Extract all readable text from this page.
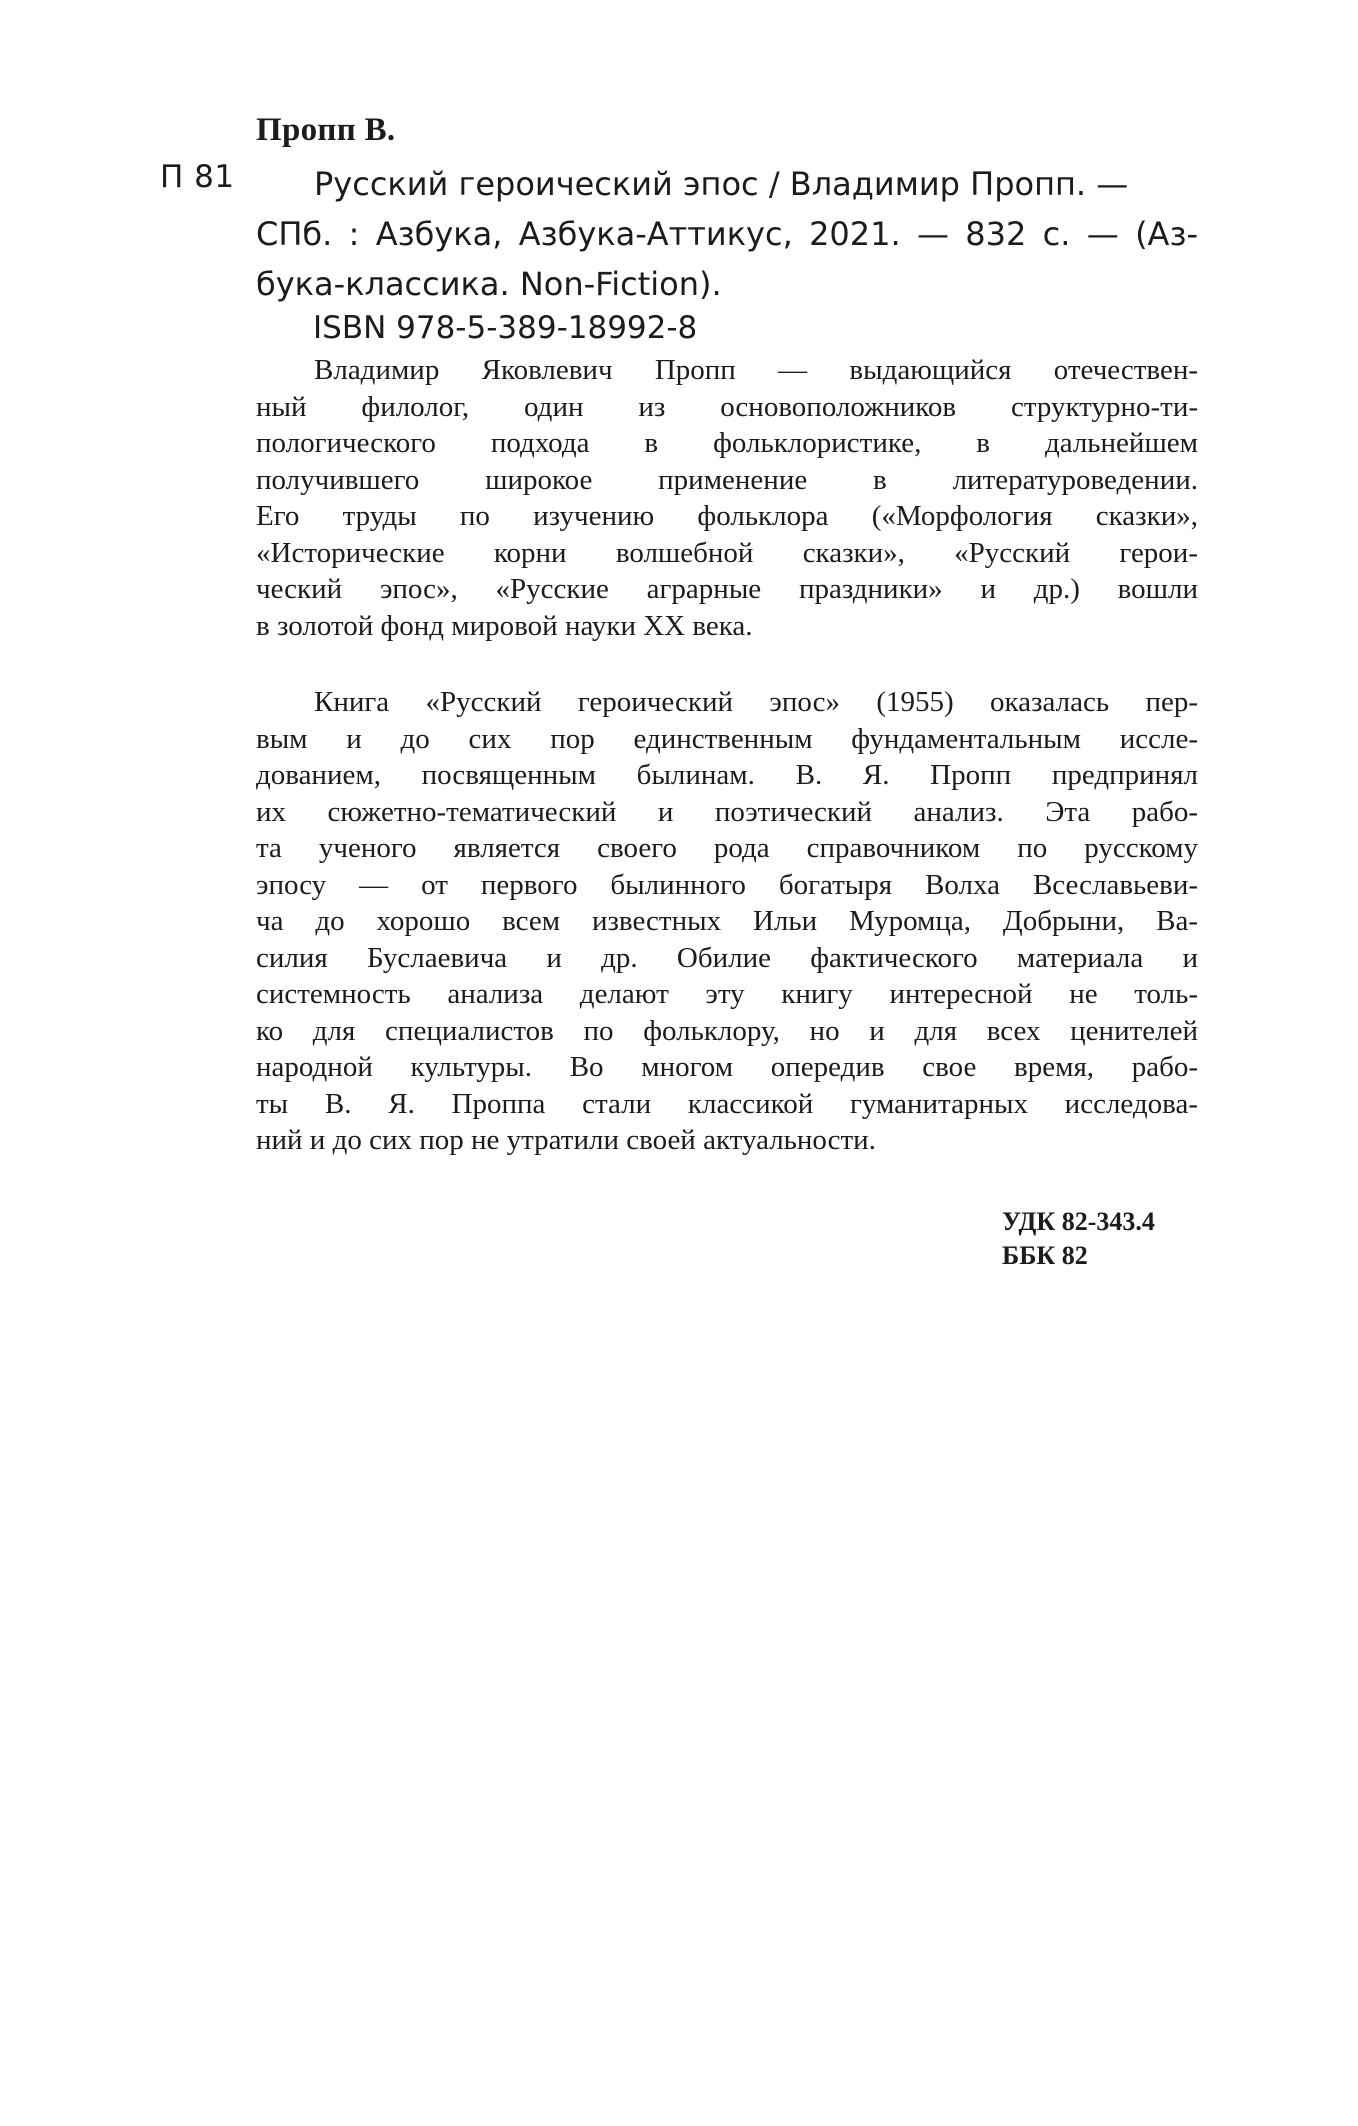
Пропп В.
П 81	Русский героический эпос / Владимир Пропп. —
СПб. : Азбука, Азбука-Аттикус, 2021. — 832 с. — (Аз-
бука-классика. Non-Fiction).
ISBN 978-5-389-18992-8
Владимир Яковлевич Пропп — выдающийся отечествен-
ный филолог, один из основоположников структурно-ти-
пологического подхода в фольклористике, в дальнейшем
получившего широкое применение в литературоведении.
Его труды по изучению фольклора («Морфология сказки»,
«Исторические корни волшебной сказки», «Русский герои-
ческий эпос», «Русские аграрные праздники» и др.) вошли
в золотой фонд мировой науки XX века.
Книга «Русский героический эпос» (1955) оказалась пер-
вым и до сих пор единственным фундаментальным иссле-
дованием, посвященным былинам. В. Я. Пропп предпринял
их сюжетно-тематический и поэтический анализ. Эта рабо-
та ученого является своего рода справочником по русскому
эпосу — от первого былинного богатыря Волха Всеславьеви-
ча до хорошо всем известных Ильи Муромца, Добрыни, Ва-
силия Буслаевича и др. Обилие фактического материала и
системность анализа делают эту книгу интересной не толь-
ко для специалистов по фольклору, но и для всех ценителей
народной культуры. Во многом опередив свое время, рабо-
ты В. Я. Проппа стали классикой гуманитарных исследова-
ний и до сих пор не утратили своей актуальности.
УДК 82-343.4
ББК 82
